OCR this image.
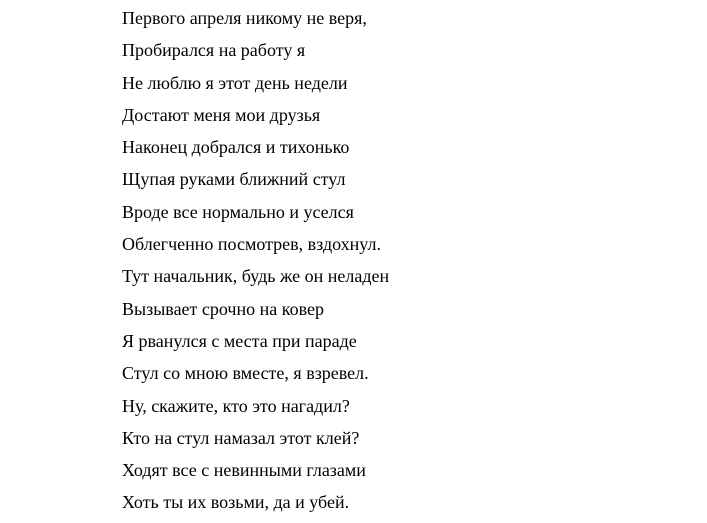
Первого апреля никому не веря,
Пробирался на работу я
Не люблю я этот день недели
Достают меня мои друзья
Наконец добрался и тихонько
Щупая руками ближний стул
Вроде все нормально и уселся
Облегченно посмотрев, вздохнул.
Тут начальник, будь же он неладен
Вызывает срочно на ковер
Я рванулся с места при параде
Стул со мною вместе, я взревел.
Ну, скажите, кто это нагадил?
Кто на стул намазал этот клей?
Ходят все с невинными глазами
Хоть ты их возьми, да и убей.
